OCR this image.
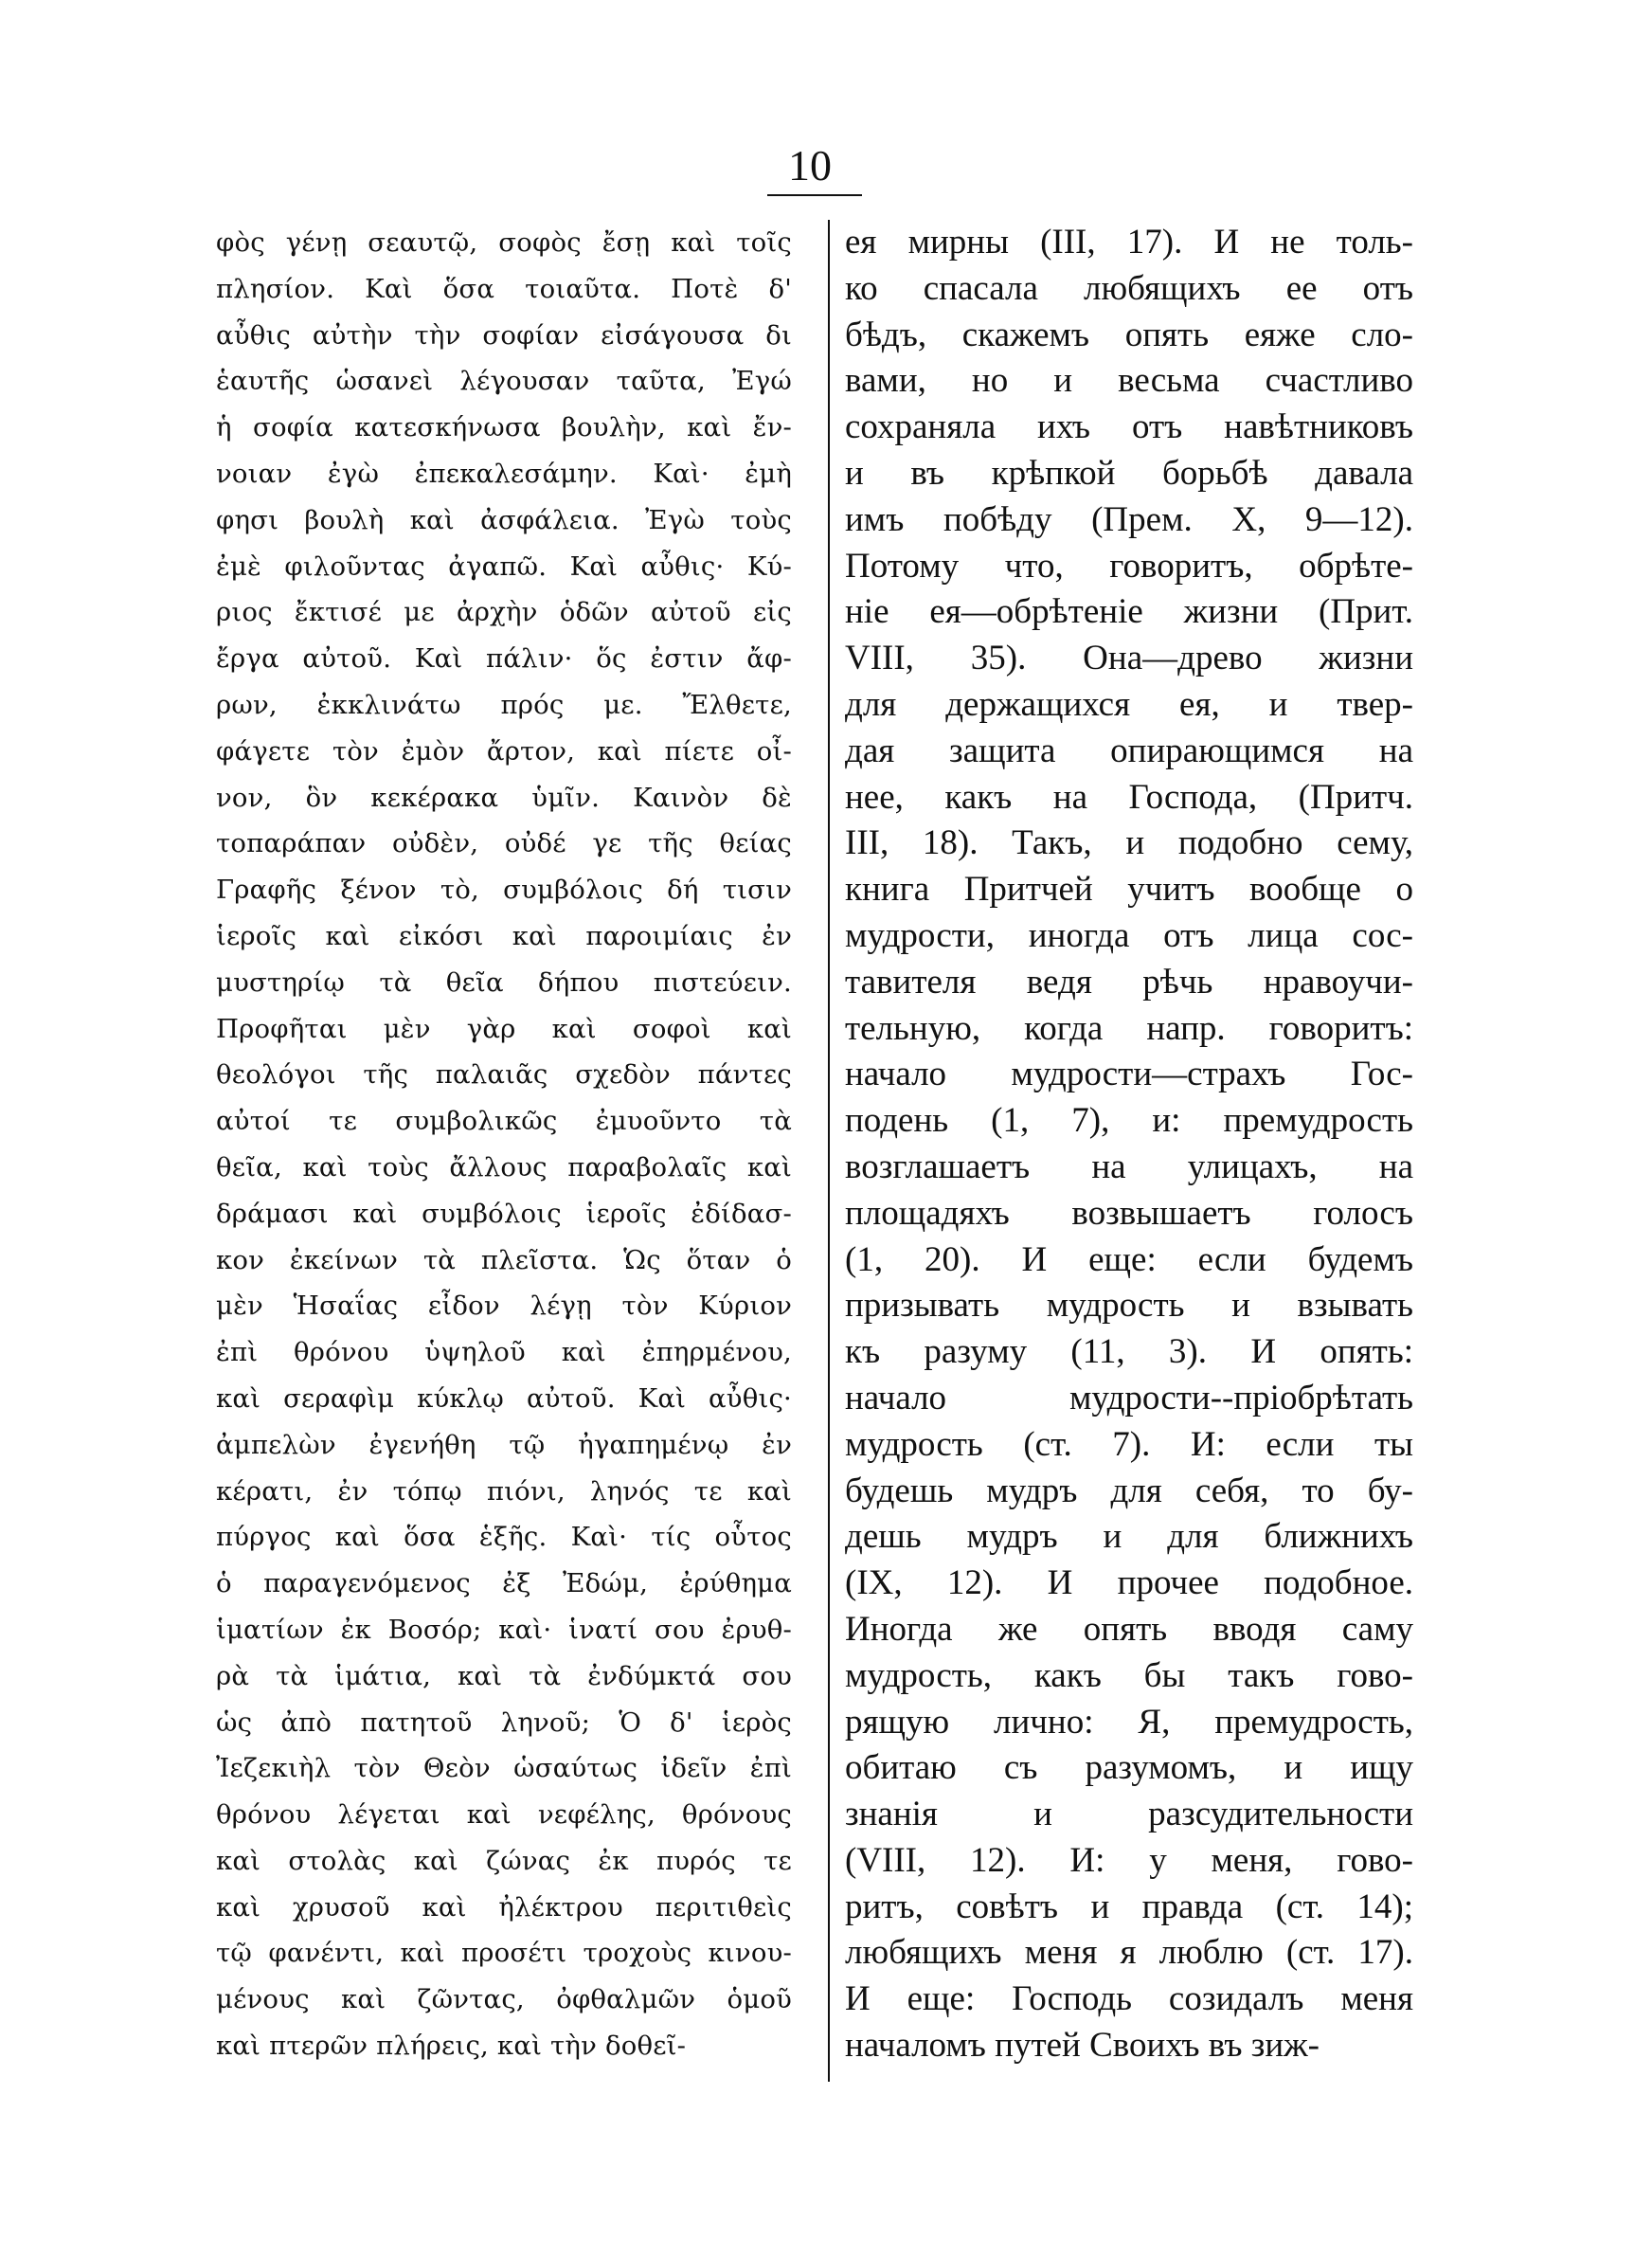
10
φὸς γένῃ σεαυτῷ, σοφὸς ἔσῃ καὶ τοῖς
πλησίον. Καὶ ὅσα τοιαῦτα. Ποτὲ δ'
αὖθις αὐτὴν τὴν σοφίαν εἰσάγουσα δι
ἑαυτῆς ὡσανεὶ λέγουσαν ταῦτα, Ἐγώ
ἡ σοφία κατεσκήνωσα βουλὴν, καὶ ἔν-
νοιαν ἐγὼ ἐπεκαλεσάμην. Καὶ· ἐμὴ
φησι βουλὴ καὶ ἀσφάλεια. Ἐγὼ τοὺς
ἐμὲ φιλοῦντας ἀγαπῶ. Καὶ αὖθις· Κύ-
ριος ἔκτισέ με ἀρχὴν ὁδῶν αὐτοῦ εἰς
ἔργα αὐτοῦ. Καὶ πάλιν· ὅς ἐστιν ἄφ-
ρων, ἐκκλινάτω πρός με. Ἔλθετε,
φάγετε τὸν ἐμὸν ἄρτον, καὶ πίετε οἶ-
νον, ὃν κεκέρακα ὑμῖν. Καινὸν δὲ
τοπαράπαν οὐδὲν, οὐδέ γε τῆς θείας
Γραφῆς ξένον τὸ, συμβόλοις δή τισιν
ἱεροῖς καὶ εἰκόσι καὶ παροιμίαις ἐν
μυστηρίῳ τὰ θεῖα δήπου πιστεύειν.
Προφῆται μὲν γὰρ καὶ σοφοὶ καὶ
θεολόγοι τῆς παλαιᾶς σχεδὸν πάντες
αὐτοί τε συμβολικῶς ἐμυοῦντο τὰ
θεῖα, καὶ τοὺς ἄλλους παραβολαῖς καὶ
δράμασι καὶ συμβόλοις ἱεροῖς ἐδίδασ-
κον ἐκείνων τὰ πλεῖστα. Ὡς ὅταν ὁ
μὲν Ἡσαΐας εἶδον λέγῃ τὸν Κύριον
ἐπὶ θρόνου ὑψηλοῦ καὶ ἐπηρμένου,
καὶ σεραφὶμ κύκλῳ αὐτοῦ. Καὶ αὖθις·
ἀμπελὼν ἐγενήθη τῷ ἠγαπημένῳ ἐν
κέρατι, ἐν τόπῳ πιόνι, ληνός τε καὶ
πύργος καὶ ὅσα ἑξῆς. Καὶ· τίς οὗτος
ὁ παραγενόμενος ἐξ Ἐδώμ, ἐρύθημα
ἱματίων ἐκ Βοσόρ; καὶ· ἱνατί σου ἐρυθ-
ρὰ τὰ ἱμάτια, καὶ τὰ ἐνδύμκτά σου
ὡς ἀπὸ πατητοῦ ληνοῦ; Ὁ δ' ἱερὸς
Ἰεζεκιὴλ τὸν Θεὸν ὡσαύτως ἰδεῖν ἐπὶ
θρόνου λέγεται καὶ νεφέλης, θρόνους
καὶ στολὰς καὶ ζώνας ἐκ πυρός τε
καὶ χρυσοῦ καὶ ἠλέκτρου περιτιθεὶς
τῷ φανέντι, καὶ προσέτι τροχοὺς κινου-
μένους καὶ ζῶντας, ὀφθαλμῶν ὁμοῦ
καὶ πτερῶν πλήρεις, καὶ τὴν δοθεῖ-
ея мирны (III, 17). И не толь-
ко спасала любящихъ ее отъ
бѣдъ, скажемъ опять еяже сло-
вами, но и весьма счастливо
сохраняла ихъ отъ навѣтниковъ
и въ крѣпкой борьбѣ давала
имъ побѣду (Прем. X, 9—12).
Потому что, говоритъ, обрѣте-
ніе ея—обрѣтеніе жизни (Прит.
VIII, 35). Она—древо жизни
для держащихся ея, и твер-
дая защита опирающимся на
нее, какъ на Господа, (Притч.
III, 18). Такъ, и подобно сему,
книга Притчей учитъ вообще о
мудрости, иногда отъ лица сос-
тавителя ведя рѣчь нравоучи-
тельную, когда напр. говоритъ:
начало мудрости—страхъ Гос-
подень (1, 7), и: премудрость
возглашаетъ на улицахъ, на
площадяхъ возвышаетъ голосъ
(1, 20). И еще: если будемъ
призывать мудрость и взывать
къ разуму (11, 3). И опять:
начало мудрости--пріобрѣтать
мудрость (ст. 7). И: если ты
будешь мудръ для себя, то бу-
дешь мудръ и для ближнихъ
(IX, 12). И прочее подобное.
Иногда же опять вводя саму
мудрость, какъ бы такъ гово-
рящую лично: Я, премудрость,
обитаю съ разумомъ, и ищу
знанія и разсудительности
(VIII, 12). И: у меня, гово-
ритъ, совѣтъ и правда (ст. 14);
любящихъ меня я люблю (ст. 17).
И еще: Господь созидалъ меня
началомъ путей Своихъ въ зиж-
